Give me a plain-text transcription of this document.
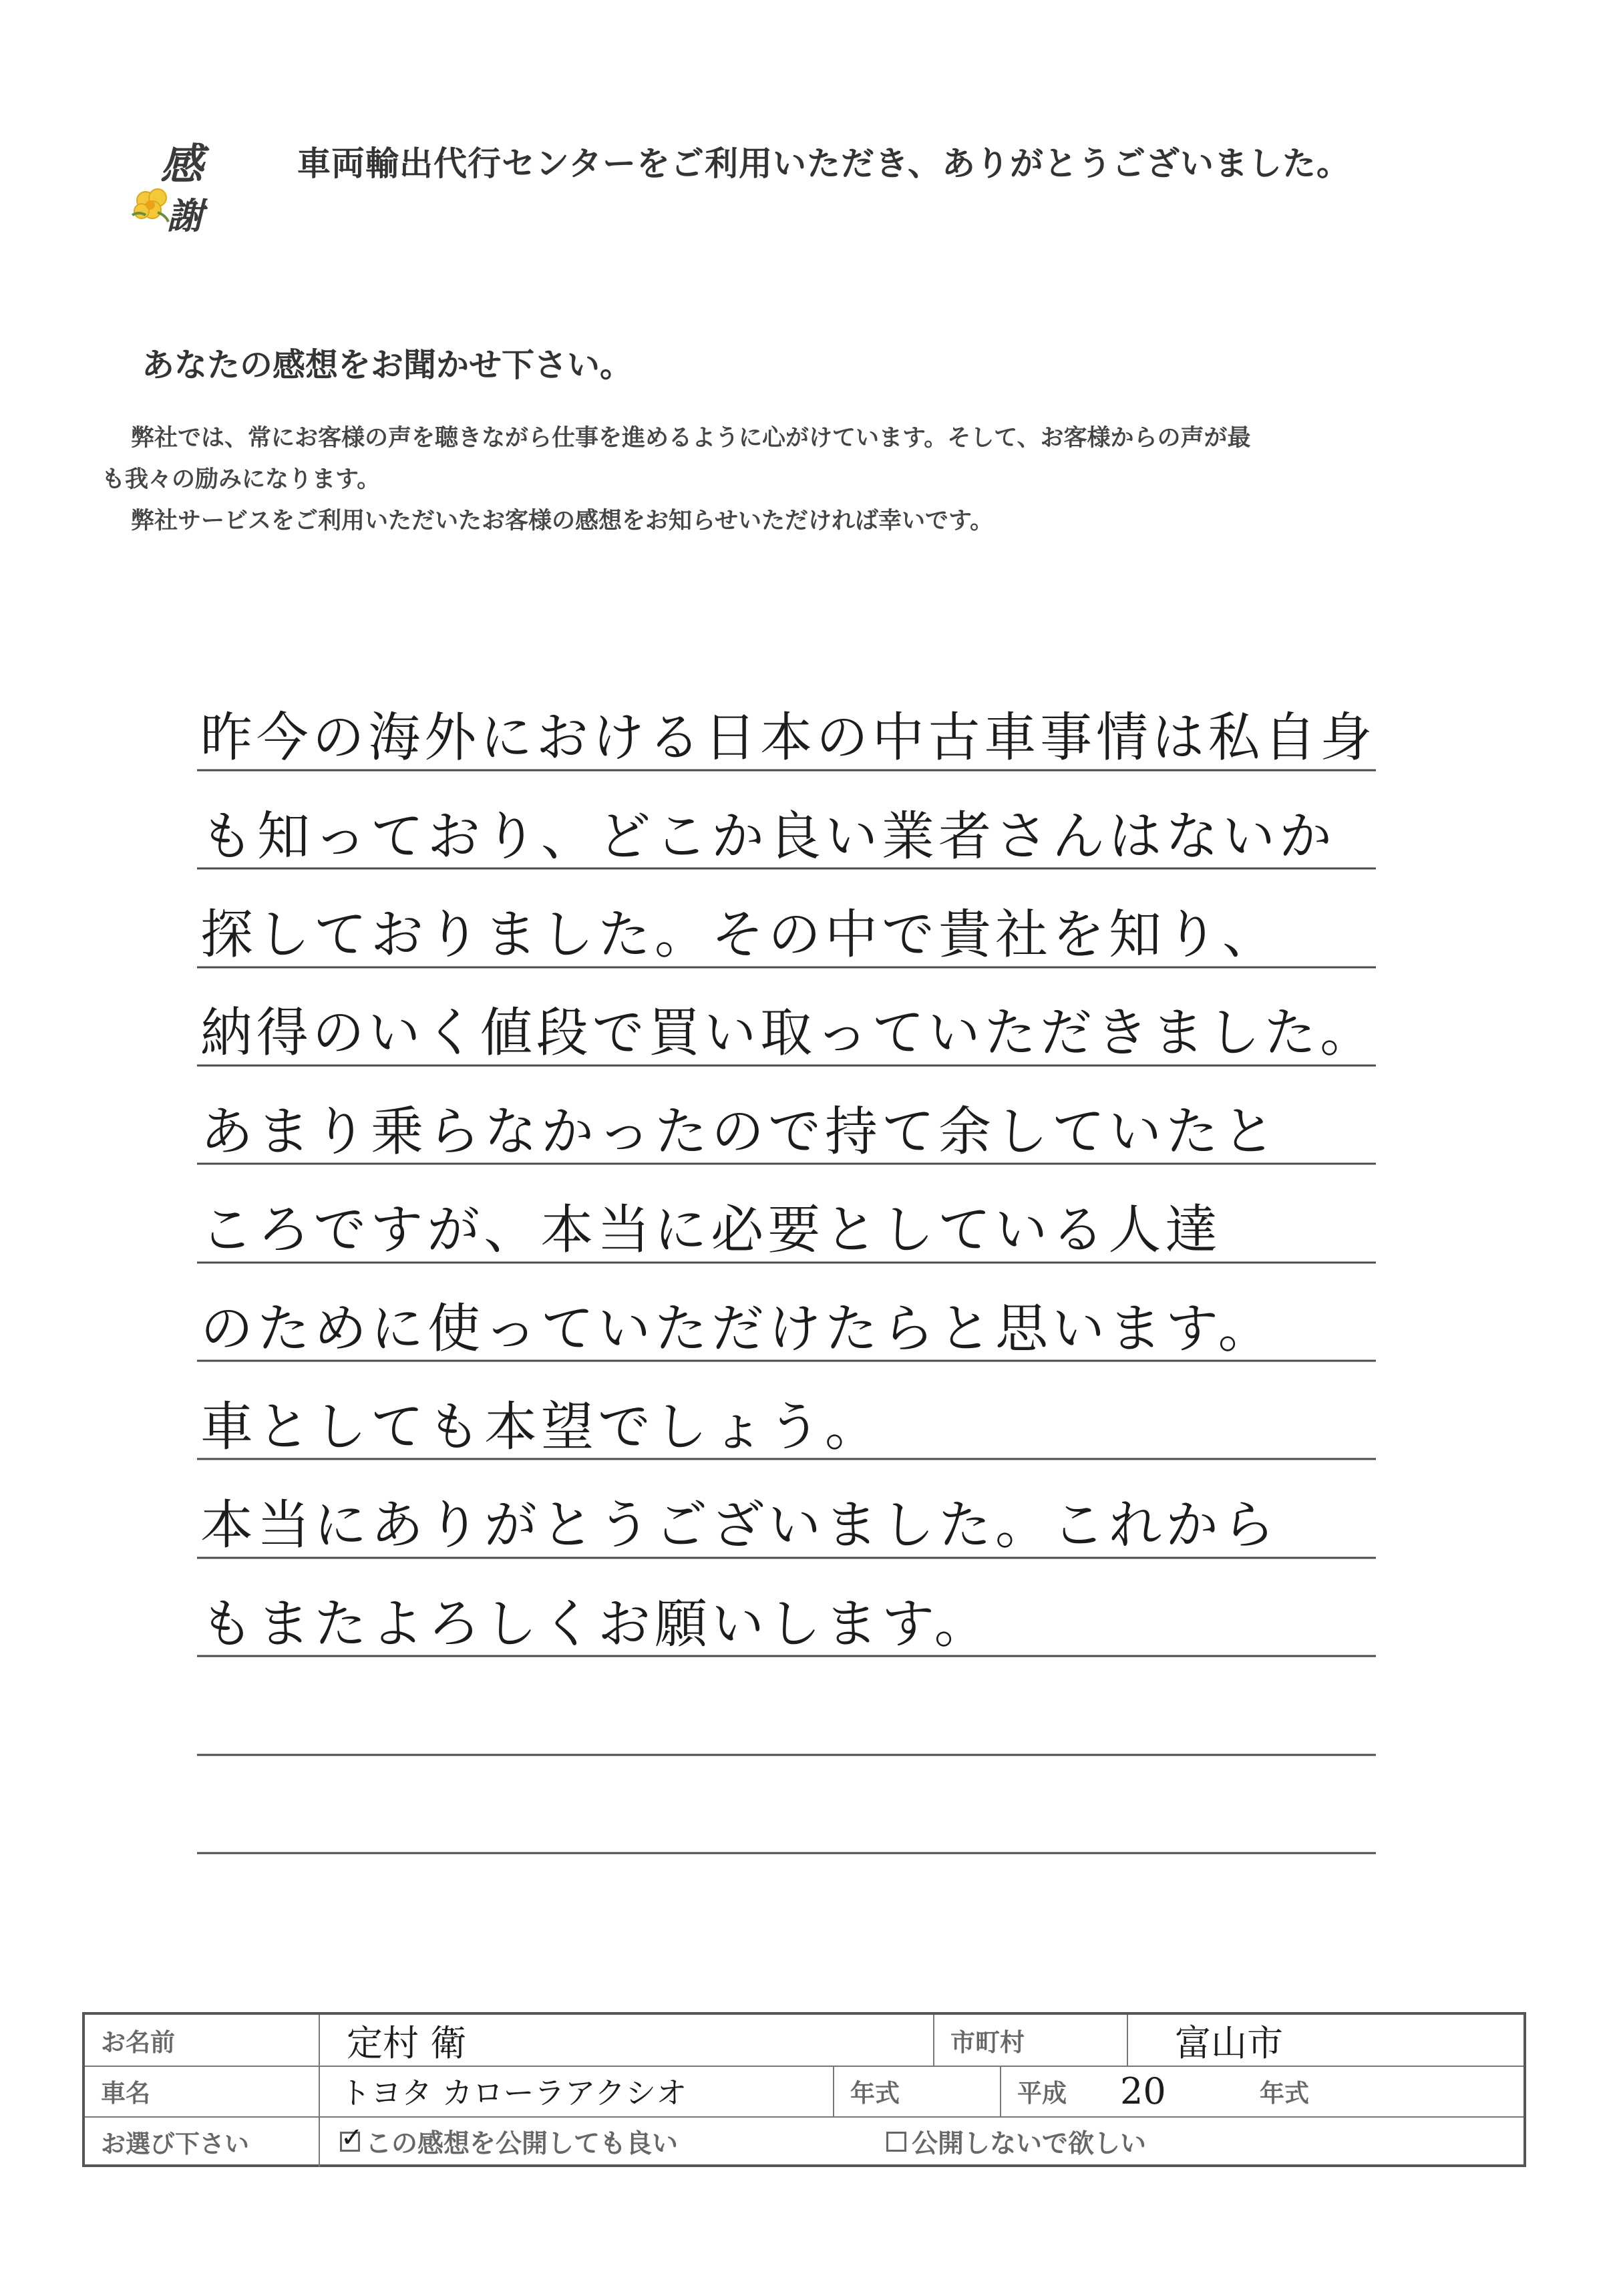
感
謝
車両輸出代行センターをご利用いただき、ありがとうございました。
あなたの感想をお聞かせ下さい。

弊社では、常にお客様の声を聴きながら仕事を進めるように心がけています。そして、お客様からの声が最

も我々の励みになります。

弊社サービスをご利用いただいたお客様の感想をお知らせいただければ幸いです。

昨今の海外における日本の中古車事情は私自身
も知っており、どこか良い業者さんはないか
探しておりました。その中で貴社を知り、
納得のいく値段で買い取っていただきました。
あまり乗らなかったので持て余していたと
ころですが、本当に必要としている人達
のために使っていただけたらと思います。
車としても本望でしょう。
本当にありがとうございました。これから
もまたよろしくお願いします。
お名前	定村 衛	市町村	富山市
車名	トヨタ カローラアクシオ	年式	平成	20	年式
お選び下さい	✓ この感想を公開しても良い	公開しないで欲しい
